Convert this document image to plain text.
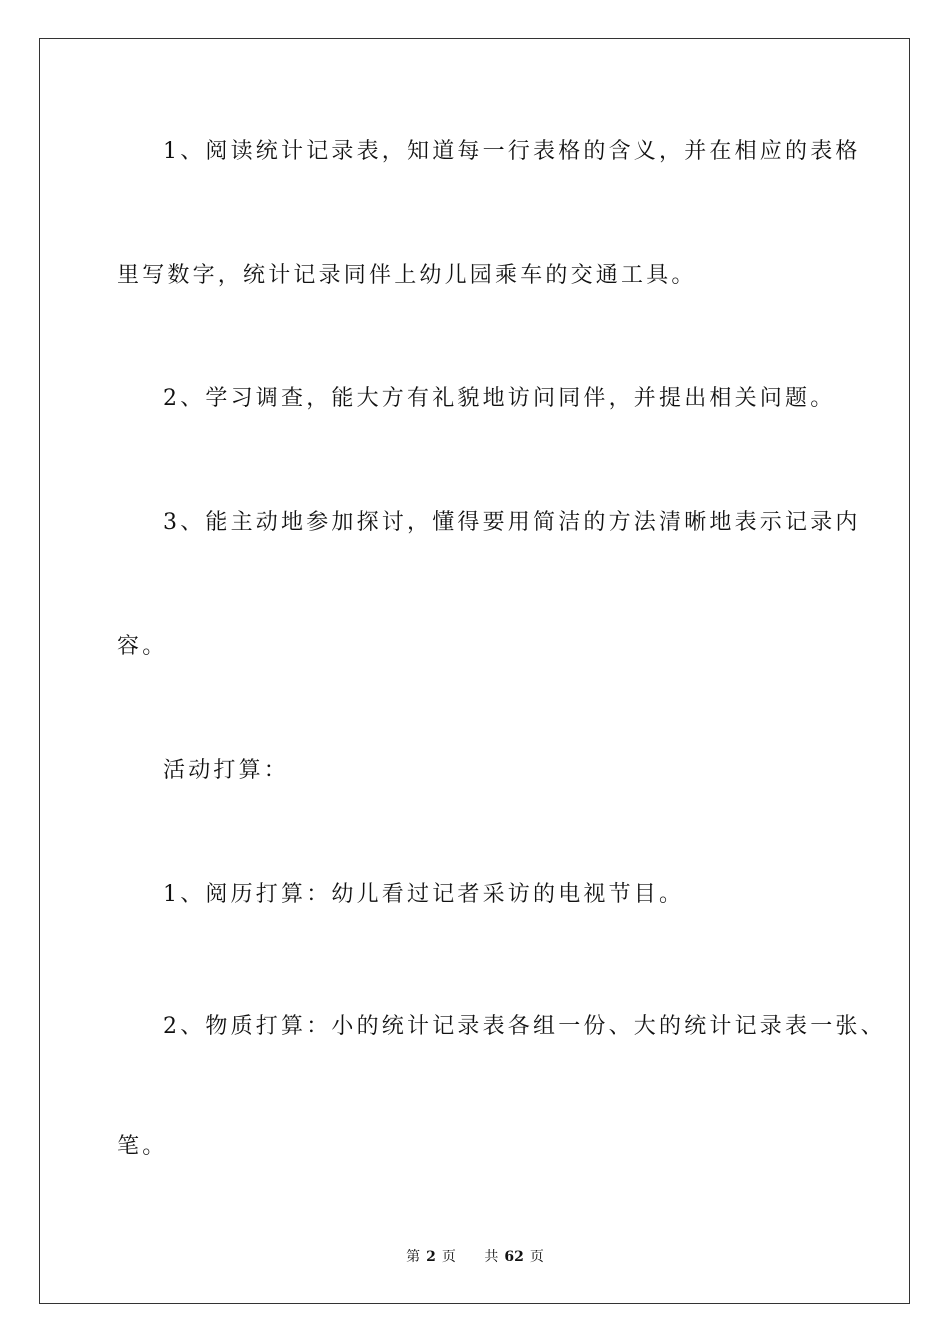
1、阅读统计记录表，知道每一行表格的含义，并在相应的表格
里写数字，统计记录同伴上幼儿园乘车的交通工具。
2、学习调查，能大方有礼貌地访问同伴，并提出相关问题。
3、能主动地参加探讨，懂得要用简洁的方法清晰地表示记录内
容。
活动打算：
1、阅历打算：幼儿看过记者采访的电视节目。
2、物质打算：小的统计记录表各组一份、大的统计记录表一张、
笔。
第 2 页 共 62 页
